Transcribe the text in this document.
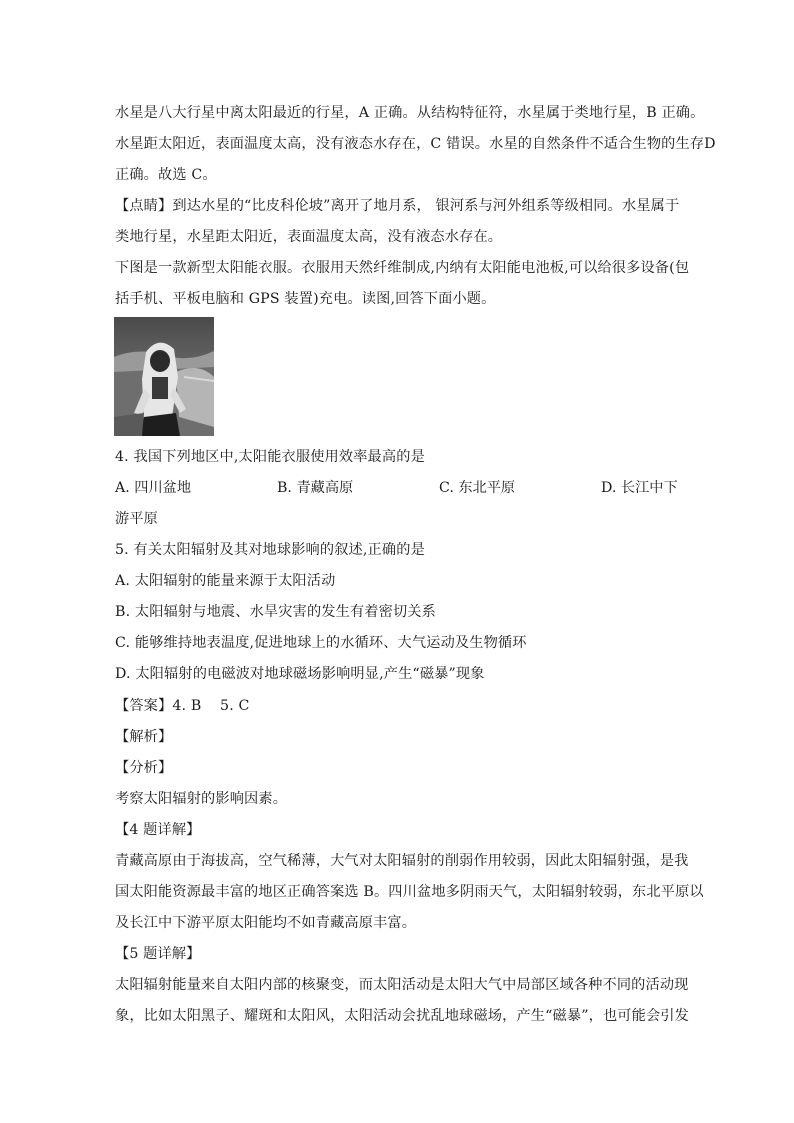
水星是八大行星中离太阳最近的行星，A 正确。从结构特征符，水星属于类地行星，B 正确。
水星距太阳近，表面温度太高，没有液态水存在，C 错误。水星的自然条件不适合生物的生存D
正确。故选 C。
【点睛】到达水星的“比皮科伦坡”离开了地月系， 银河系与河外组系等级相同。水星属于
类地行星，水星距太阳近，表面温度太高，没有液态水存在。
下图是一款新型太阳能衣服。衣服用天然纤维制成,内纳有太阳能电池板,可以给很多设备(包
括手机、平板电脑和 GPS 装置)充电。读图,回答下面小题。
4. 我国下列地区中,太阳能衣服使用效率最高的是
A. 四川盆地	B. 青藏高原	C. 东北平原	D. 长江中下
游平原
5. 有关太阳辐射及其对地球影响的叙述,正确的是
A. 太阳辐射的能量来源于太阳活动
B. 太阳辐射与地震、水旱灾害的发生有着密切关系
C. 能够维持地表温度,促进地球上的水循环、大气运动及生物循环
D. 太阳辐射的电磁波对地球磁场影响明显,产生“磁暴”现象
【答案】4. B    5. C
【解析】
【分析】
考察太阳辐射的影响因素。
【4 题详解】
青藏高原由于海拔高，空气稀薄，大气对太阳辐射的削弱作用较弱，因此太阳辐射强，是我
国太阳能资源最丰富的地区正确答案选 B。四川盆地多阴雨天气，太阳辐射较弱，东北平原以
及长江中下游平原太阳能均不如青藏高原丰富。
【5 题详解】
太阳辐射能量来自太阳内部的核聚变，而太阳活动是太阳大气中局部区域各种不同的活动现
象，比如太阳黑子、耀斑和太阳风，太阳活动会扰乱地球磁场，产生“磁暴”，也可能会引发
